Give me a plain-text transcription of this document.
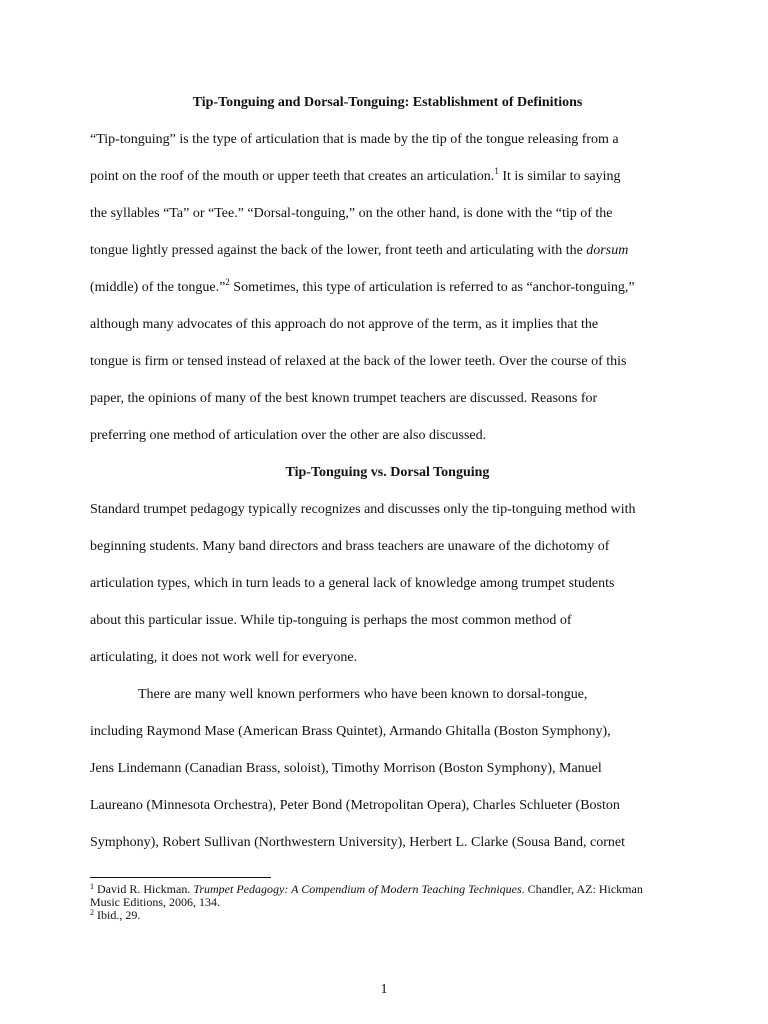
Tip-Tonguing and Dorsal-Tonguing: Establishment of Definitions

“Tip-tonguing” is the type of articulation that is made by the tip of the tongue releasing from a
point on the roof of the mouth or upper teeth that creates an articulation.$^1$ It is similar to saying
the syllables “Ta” or “Tee.” “Dorsal-tonguing,” on the other hand, is done with the “tip of the
tongue lightly pressed against the back of the lower, front teeth and articulating with the dorsum
(middle) of the tongue.”$^2$ Sometimes, this type of articulation is referred to as “anchor-tonguing,”
although many advocates of this approach do not approve of the term, as it implies that the
tongue is firm or tensed instead of relaxed at the back of the lower teeth. Over the course of this
paper, the opinions of many of the best known trumpet teachers are discussed. Reasons for
preferring one method of articulation over the other are also discussed.

Tip-Tonguing vs. Dorsal Tonguing

Standard trumpet pedagogy typically recognizes and discusses only the tip-tonguing method with
beginning students. Many band directors and brass teachers are unaware of the dichotomy of
articulation types, which in turn leads to a general lack of knowledge among trumpet students
about this particular issue. While tip-tonguing is perhaps the most common method of
articulating, it does not work well for everyone.

There are many well known performers who have been known to dorsal-tongue,
including Raymond Mase (American Brass Quintet), Armando Ghitalla (Boston Symphony),
Jens Lindemann (Canadian Brass, soloist), Timothy Morrison (Boston Symphony), Manuel
Laureano (Minnesota Orchestra), Peter Bond (Metropolitan Opera), Charles Schlueter (Boston
Symphony), Robert Sullivan (Northwestern University), Herbert L. Clarke (Sousa Band, cornet

$^1$ David R. Hickman. Trumpet Pedagogy: A Compendium of Modern Teaching Techniques. Chandler, AZ: Hickman
Music Editions, 2006, 134.
$^2$ Ibid., 29.
1
